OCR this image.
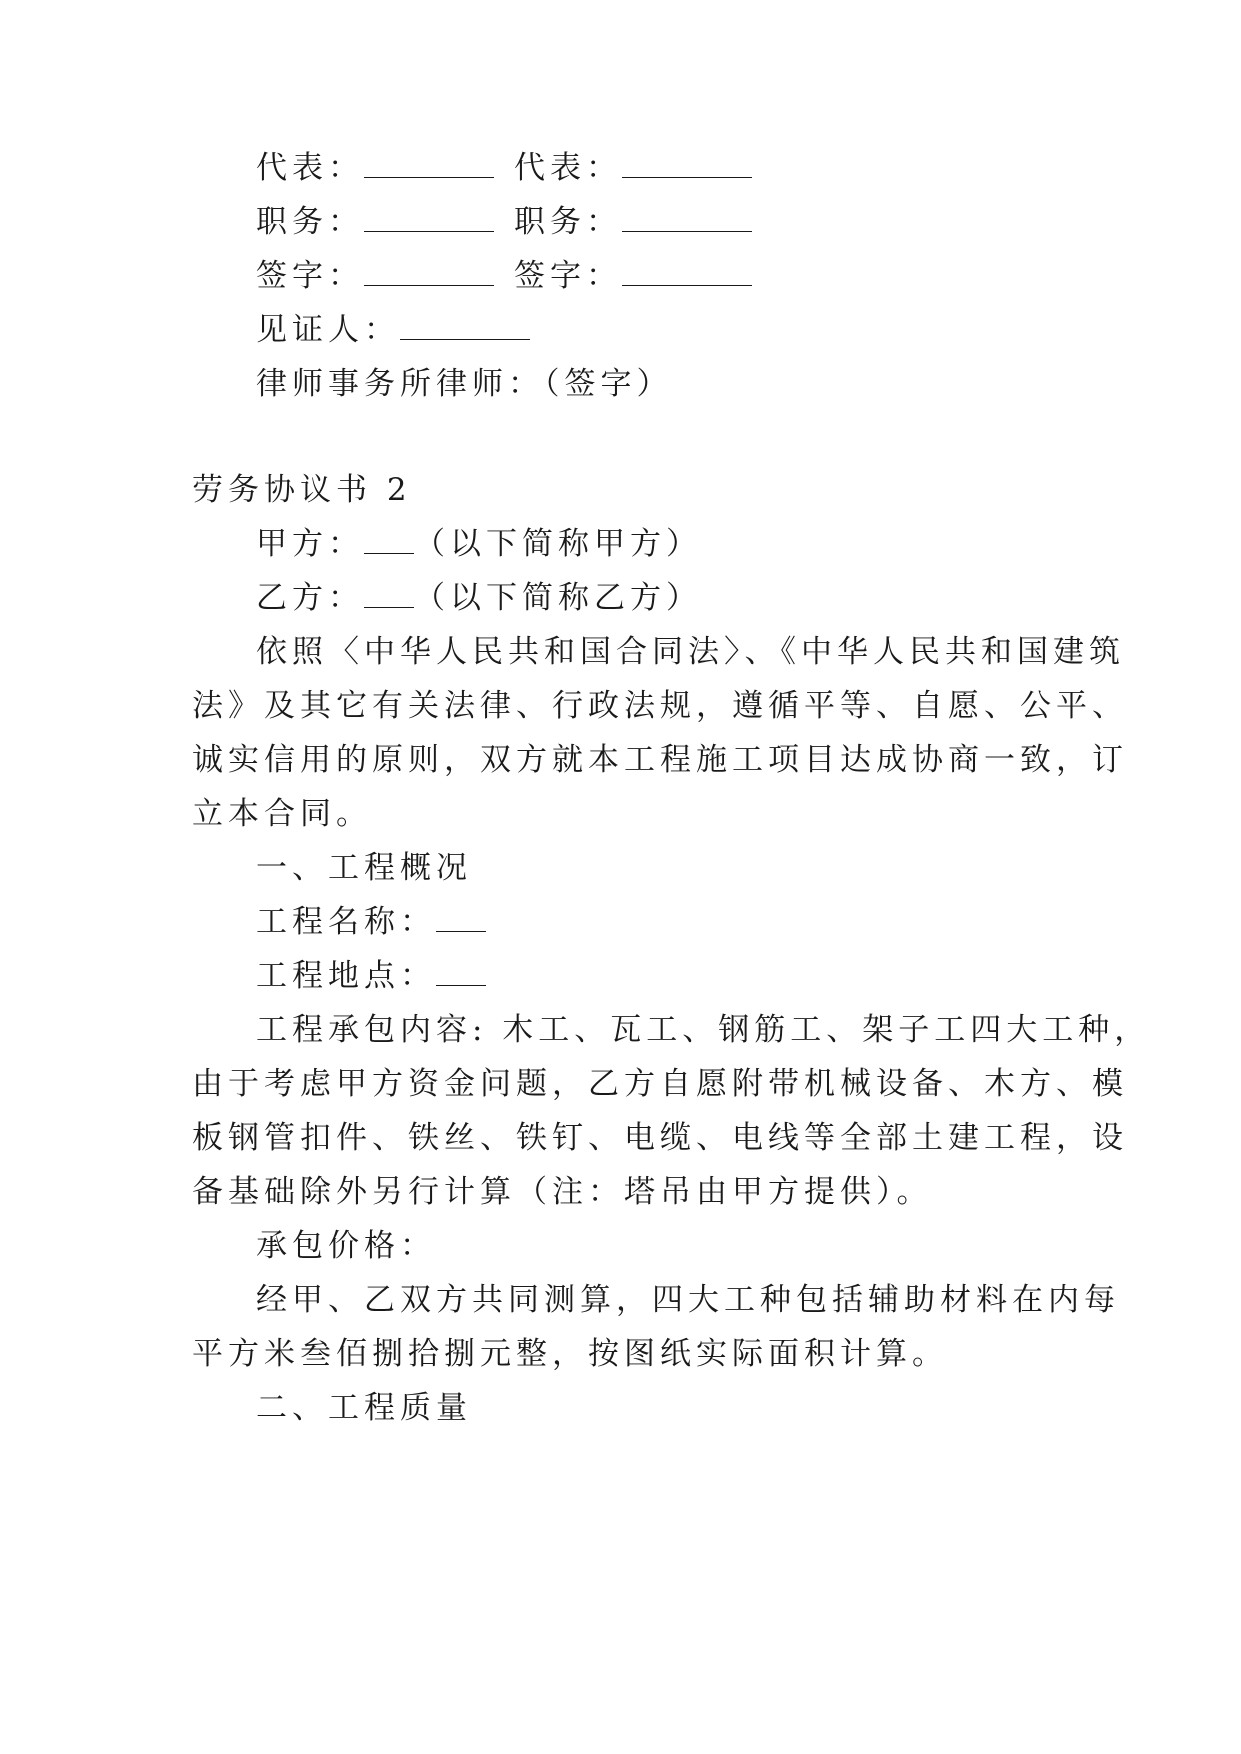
代表：	代表：
职务：	职务：
签字：	签字：
见证人：
律师事务所律师：（签字）
劳务协议书 2
甲方： （以下简称甲方）
乙方： （以下简称乙方）
依照〈中华人民共和国合同法〉、《中华人民共和国建筑
法》及其它有关法律、行政法规，遵循平等、自愿、公平、
诚实信用的原则，双方就本工程施工项目达成协商一致，订
立本合同。
一、工程概况
工程名称：
工程地点：
工程承包内容: 木工、瓦工、钢筋工、架子工四大工种，
由于考虑甲方资金问题，乙方自愿附带机械设备、木方、模
板钢管扣件、铁丝、铁钉、电缆、电线等全部土建工程，设
备基础除外另行计算（注：塔吊由甲方提供）。
承包价格：
经甲、乙双方共同测算，四大工种包括辅助材料在内每
平方米叁佰捌拾捌元整，按图纸实际面积计算。
二、工程质量
